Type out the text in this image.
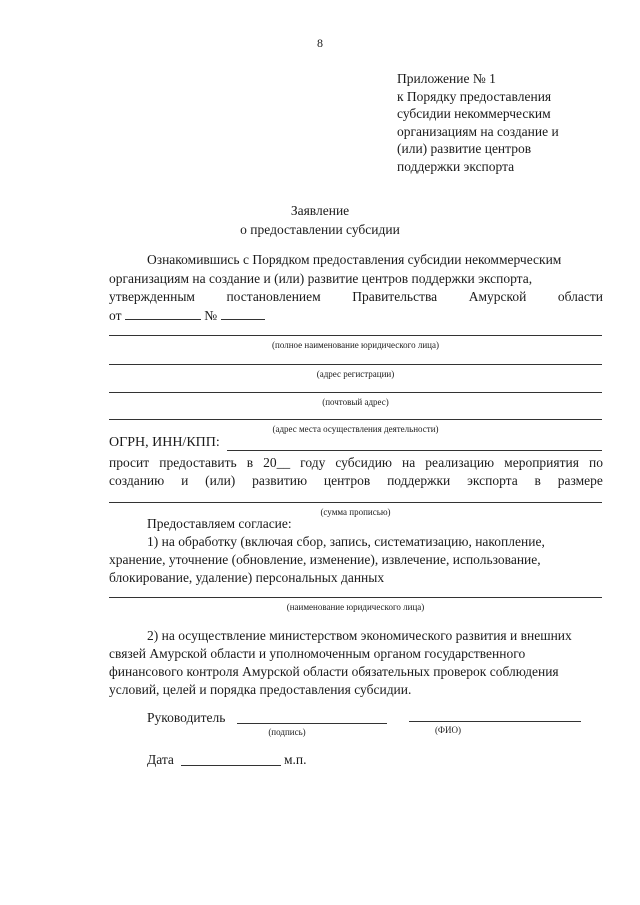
8
Приложение № 1
к Порядку предоставления
субсидии некоммерческим
организациям на создание и
(или) развитие центров
поддержки экспорта
Заявление
о предоставлении субсидии
Ознакомившись с Порядком предоставления субсидии некоммерческим
организациям на создание и (или) развитие центров поддержки экспорта,
утвержденным постановлением Правительства Амурской области
от	№
(полное наименование юридического лица)
(адрес регистрации)
(почтовый адрес)
(адрес места осуществления деятельности)
ОГРН, ИНН/КПП:
просит предоставить в 20__ году субсидию на реализацию мероприятия по
созданию и (или) развитию центров поддержки экспорта в размере
(сумма прописью)
Предоставляем согласие:
1) на обработку (включая сбор, запись, систематизацию, накопление,
хранение, уточнение (обновление, изменение), извлечение, использование,
блокирование, удаление) персональных данных
(наименование юридического лица)
2) на осуществление министерством экономического развития и внешних
связей Амурской области и уполномоченным органом государственного
финансового контроля Амурской области обязательных проверок соблюдения
условий, целей и порядка предоставления субсидии.
Руководитель
(подпись)	(ФИО)
Дата	м.п.
